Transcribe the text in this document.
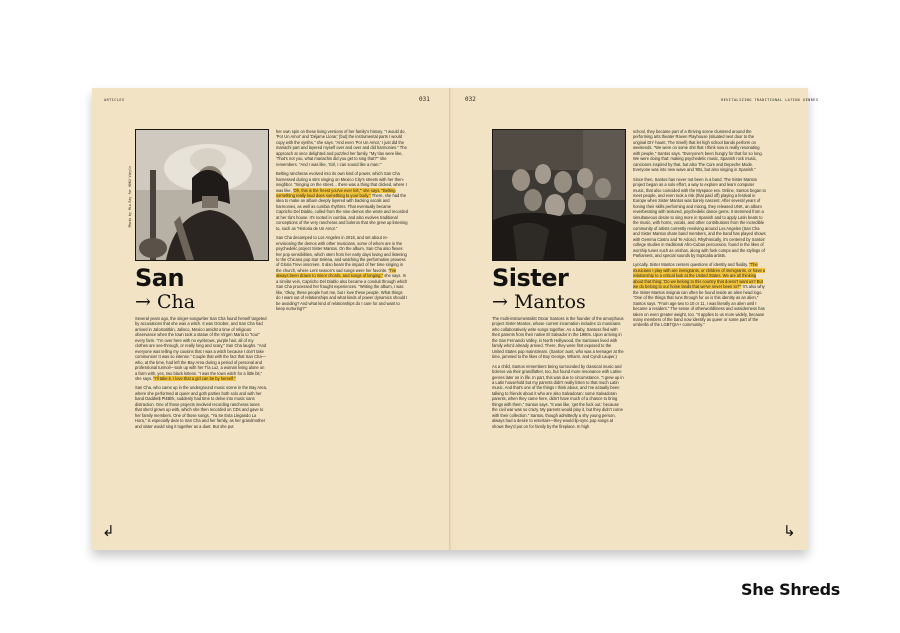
ARTICLES	031
Photo by Mia Ray for HOKU Vinyls
San
→ Cha

Several years ago, the singer-songwriter San Cha found herself targeted by accusations that she was a witch. It was October, and San Cha had arrived in Jalostotitlán, Jalisco, Mexico amidst a time of religious observance when the town took a statue of the Virgen María to "tour" every farm. "I'm over here with no eyebrows, purple hair, all of my clothes are see-through, or really long and scary," San Cha laughs. "And everyone was telling my cousins that I was a witch because I don't take communion! It was so intense." Couple that with the fact that San Cha—who, at the time, had left the Bay Area during a period of personal and professional turmoil—took up with her Tía Luz, a woman living alone on a farm with, yes, two black kittens. "I was the town witch for a little bit," she says. "I'll take it. I love that a girl can be by herself."

San Cha, who came up in the underground music scene in the Bay Area, where she performed at queer and goth parties both solo and with her band Daddie$ Pl4Bl!k, suddenly had time to delve into music sans distraction. One of those projects involved recording rancheras tunes that she'd grown up with, which she then recorded on CDs and gave to her family members. One of those songs, "Ya Se Esta Llegando La Hora," is especially dear to San Cha and her family, as her grandmother and sister would sing it together as a duet. But she put

her own spin on these living versions of her family's history. "I would do, 'Por Un Amor' and 'Déjame Llorar,' [but] the instrumental parts I would copy with the synths," she says. "And even 'Por Un Amor,' I just did the mariachi part and layered myself over and over and did harmonies." The approach at once delighted and puzzled her family. "My tías were like, 'That's not you, what mariachis did you get to sing that?'" she remembers. "And I was like, 'Girl, I can sound like a man.'"

Belting rancheras evolved into its own kind of power, which San Cha harnessed during a stint singing on Mexico City's streets with her then-neighbor. "Singing on the street… there was a thing that clicked, where I was like, 'Oh, this is the freest you've ever felt,'" she says. "Belting something really loud does something to your body." There, she had the idea to make an album deeply layered with backing vocals and harmonies, as well as cumbia rhythms. That eventually became Capricho Del Diablo, culled from the nine demos she wrote and recorded at her tía's house. It's rooted in cumbia, and also evolves traditional conceptions of the very rancheras and boleros that she grew up listening to, such as "Historia de Un Amor."

San Cha decamped to Los Angeles in 2015, and set about re-envisioning the demos with other musicians, some of whom are in the psychedelic project Sister Mantos. On the album, San Cha also flexes her pop sensibilities, which stem from her early days loving and listening to the Chicana pop star Selena, and watching the performative prowess of Gloria Trevi onscreen. It also bears the impact of her time singing in the church, where Lent season's sad songs were her favorite. "I've always been drawn to minor chords, and songs of longing," she says. In a similar vein, Capricho Del Diablo also became a conduit through which San Cha processed her fraught experiences. "Writing the album, I was like, 'Okay, these people hurt me, but I love these people. What things do I want out of relationships and what kinds of power dynamics should I be avoiding? And what kind of relationships do I care for and want to keep nurturing?'"

↲
032	REVITALIZING TRADITIONAL LATINX GENRES
Sister
→ Mantos

The multi-instrumentalist Oscar Santoss is the founder of the amorphous project Sister Mantos, whose current incarnation includes 11 musicians who collaboratively write songs together. As a baby, Santoss fled with their parents from their native El Salvador in the 1980s. Upon arriving in the San Fernando Valley, in North Hollywood, the Santoses lived with family who'd already arrived. There, they were first exposed to the United States pop mainstream. (Santos' aunt, who was a teenager at the time, jammed to the likes of Boy George, Wham!, and Cyndi Lauper.)

As a child, Santos remembers being surrounded by classical music and boleros via their grandfather, too, but found more resonance with Latine genres later on in life. In part, this was due to circumstance. "I grew up in a Latin household but my parents didn't really listen to that much Latin music. And that's one of the things I think about, and I've actually been talking to friends about it who are also Salvadoran: some Salvadoran parents, when they came here, didn't have much of a chance to bring things with them," Santos says. "It was like, 'get the fuck out,' because the civil war was so crazy. My parents would play it, but they didn't come with their collection." Santos, though admittedly a shy young person, always had a desire to entertain—they would lip-sync pop songs at shows they'd put on for family by the fireplace. In high

school, they became part of a thriving scene clustered around the performing arts theater Raven Playhouse (situated next door to the original DIY haunt, The Smell) that let high school bands perform on weekends. "We were on some shit that I think now is really resonating with people," Santos says. "Everyone's been hungry for that for so long. We were doing that: making psychedelic music, Spanish rock music, canciones inspired by that, but also The Cure and Depeche Mode. Everyone was into new wave and '80s, but also singing in Spanish."

Since then, Santos has never not been in a band. The Sister Mantos project began as a solo effort, a way to explore and learn computer music, that also coincided with the Myspace era. Online, Santos began to meet people, and even took a risk (that paid off) playing a festival in Europe when Sister Mantos was barely nascent. After several years of honing their skills performing and mixing, they released UNK, an album reverberating with textured, psychedelic dance gems. It stemmed from a simultaneous desire to sing more in Spanish and to apply Latin beats to the music, with horns, vocals, and other contributions from the incredible community of artists currently revolving around Los Angeles (San Cha and Sister Mantos share band members, and the band has played shows with Gemma Castro and Te Adoro). Rhythmically, it's centered by Santos' college studies in traditional Afro-Cuban percussion, found in the likes of worship tunes such as orishas, along with funk comps and the stylings of Parliament, and special sounds by tropicalia artists.

Lyrically, Sister Mantos centers questions of identity and fluidity. "The musicians I play with are immigrants, or children of immigrants, or have a relationship to a critical look at the United States. We are all thinking about that thing: 'Do we belong to this country that doesn't want us? But we do belong to our home lands that we've never been to?'" It's also why the Sister Mantos insignia can often be found inside an alien head logo. "One of the things that runs through for us is this identity as an alien," Santos says. "From age two to 10 or 11, I was literally an alien until I became a resident." The sense of otherworldliness and outsiderness has taken on even greater weight, too. "It applies to us more widely, because many members of the band now identify as queer or some part of the umbrella of the LGBTQIA+ community."

↳
She Shreds
